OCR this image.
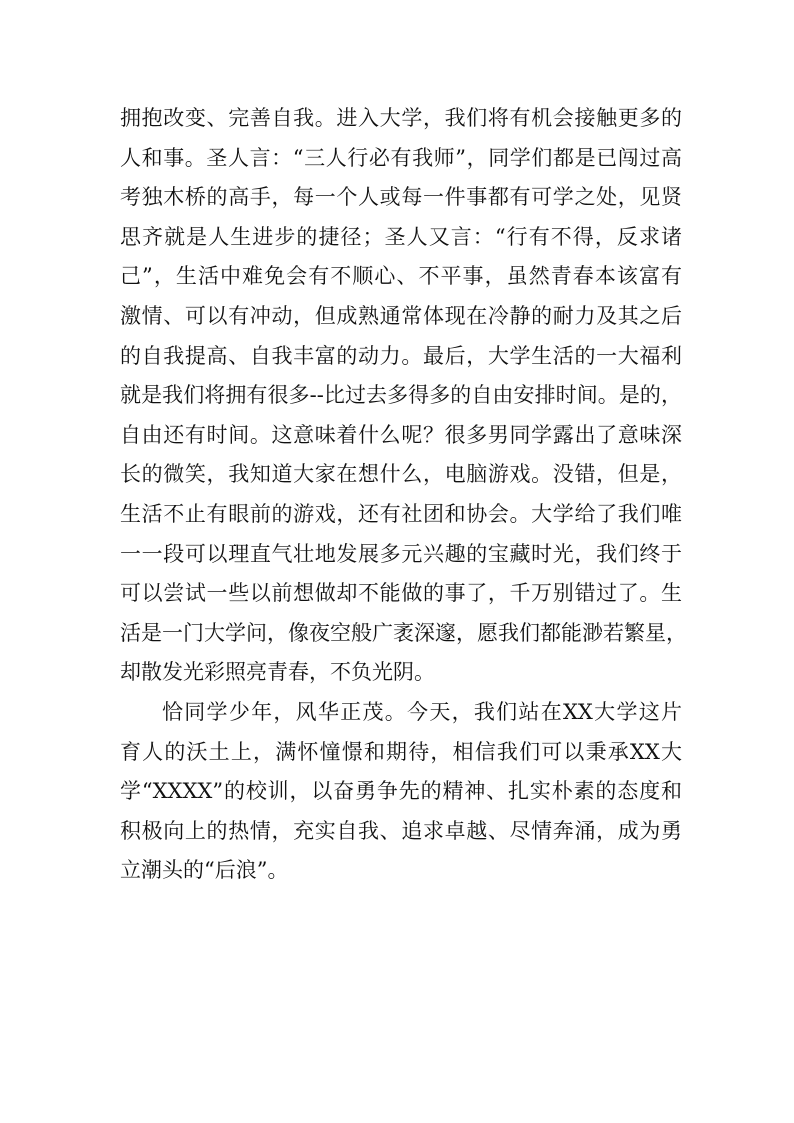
拥抱改变、完善自我。进入大学，我们将有机会接触更多的
人和事。圣人言：“三人行必有我师”，同学们都是已闯过高
考独木桥的高手，每一个人或每一件事都有可学之处，见贤
思齐就是人生进步的捷径；圣人又言：“行有不得，反求诸
己”，生活中难免会有不顺心、不平事，虽然青春本该富有
激情、可以有冲动，但成熟通常体现在冷静的耐力及其之后
的自我提高、自我丰富的动力。最后，大学生活的一大福利
就是我们将拥有很多--比过去多得多的自由安排时间。是的，
自由还有时间。这意味着什么呢？很多男同学露出了意味深
长的微笑，我知道大家在想什么，电脑游戏。没错，但是，
生活不止有眼前的游戏，还有社团和协会。大学给了我们唯
一一段可以理直气壮地发展多元兴趣的宝藏时光，我们终于
可以尝试一些以前想做却不能做的事了，千万别错过了。生
活是一门大学问，像夜空般广袤深邃，愿我们都能渺若繁星，
却散发光彩照亮青春，不负光阴。
恰同学少年，风华正茂。今天，我们站在XX大学这片
育人的沃土上，满怀憧憬和期待，相信我们可以秉承XX大
学“XXXX”的校训，以奋勇争先的精神、扎实朴素的态度和
积极向上的热情，充实自我、追求卓越、尽情奔涌，成为勇
立潮头的“后浪”。
